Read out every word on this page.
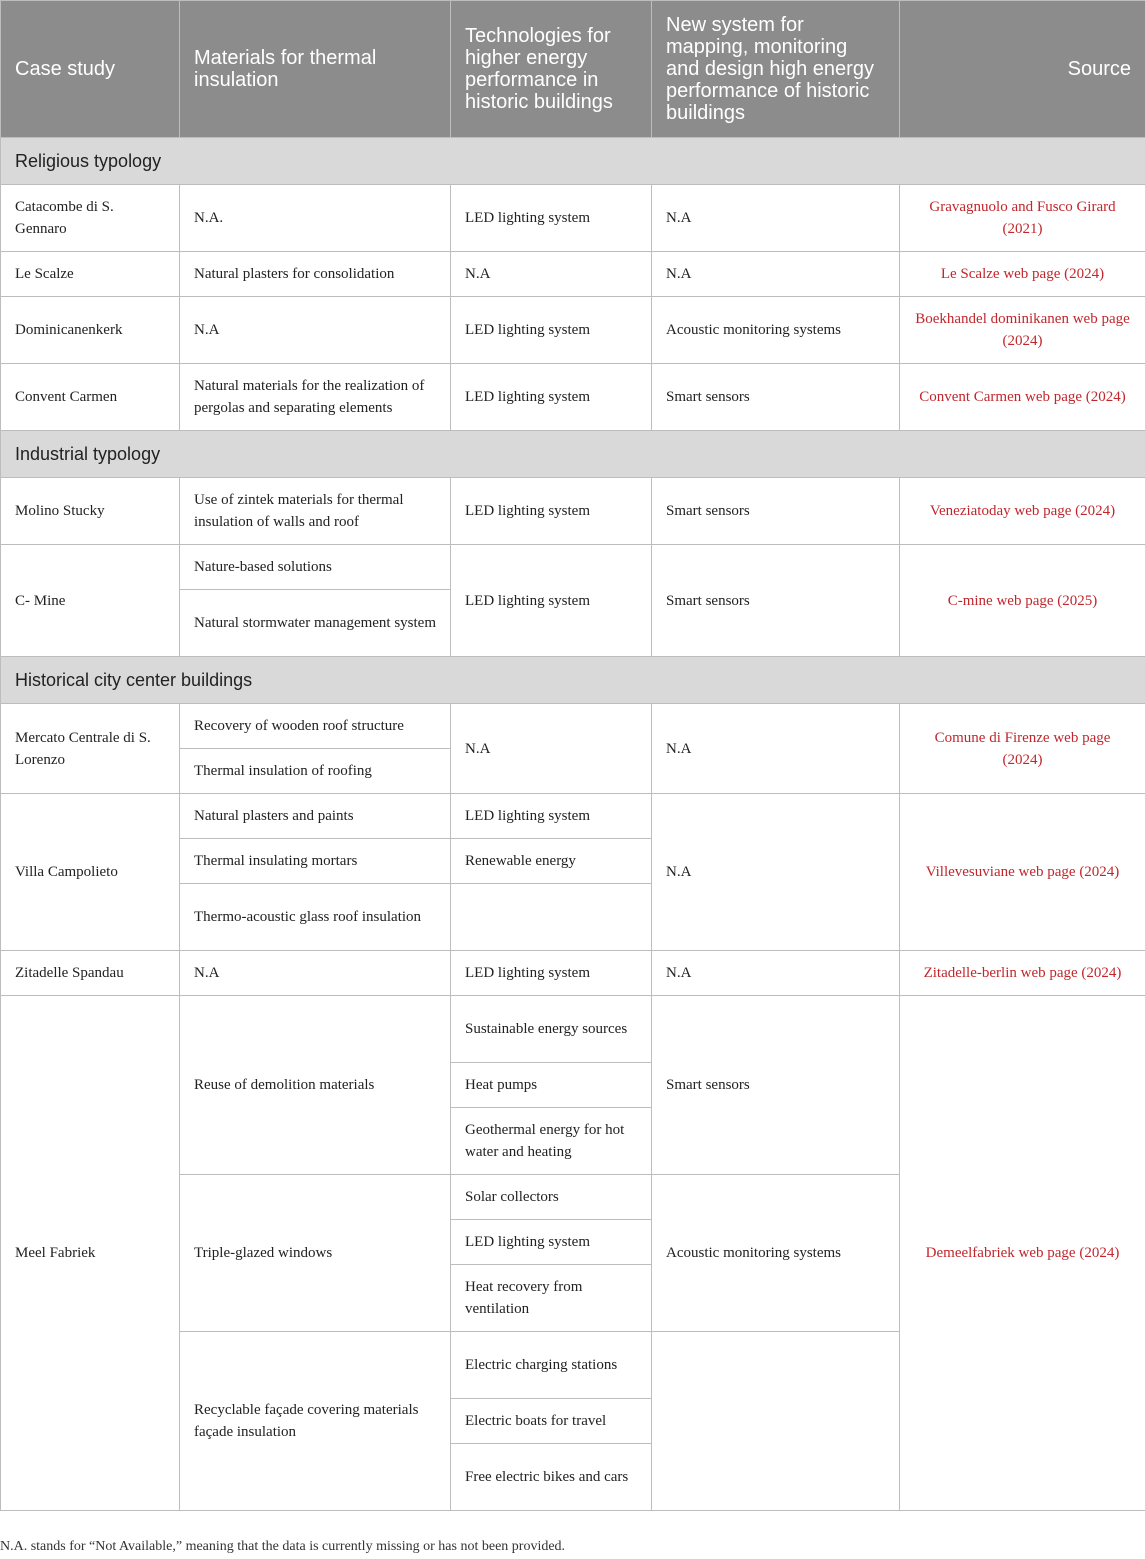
Case study	Materials for thermal insulation	Technologies for higher energy performance in historic buildings	New system for mapping, monitoring and design high energy performance of historic buildings	Source
Religious typology				
Catacombe di S. Gennaro	N.A.	LED lighting system	N.A	Gravagnuolo and Fusco Girard (2021)
Le Scalze	Natural plasters for consolidation	N.A	N.A	Le Scalze web page (2024)
Dominicanenkerk	N.A	LED lighting system	Acoustic monitoring systems	Boekhandel dominikanen web page (2024)
Convent Carmen	Natural materials for the realization of pergolas and separating elements	LED lighting system	Smart sensors	Convent Carmen web page (2024)
Industrial typology				
Molino Stucky	Use of zintek materials for thermal insulation of walls and roof	LED lighting system	Smart sensors	Veneziatoday web page (2024)
C- Mine	Nature-based solutions	LED lighting system	Smart sensors	C-mine web page (2025)
	Natural stormwater management system			
Historical city center buildings				
Mercato Centrale di S. Lorenzo	Recovery of wooden roof structure	N.A	N.A	Comune di Firenze web page (2024)
	Thermal insulation of roofing			
Villa Campolieto	Natural plasters and paints	LED lighting system	N.A	Villevesuviane web page (2024)
	Thermal insulating mortars	Renewable energy		
	Thermo-acoustic glass roof insulation			
Zitadelle Spandau	N.A	LED lighting system	N.A	Zitadelle-berlin web page (2024)
Meel Fabriek	Reuse of demolition materials	Sustainable energy sources	Smart sensors	Demeelfabriek web page (2024)
		Heat pumps		
		Geothermal energy for hot water and heating		
	Triple-glazed windows	Solar collectors	Acoustic monitoring systems	
		LED lighting system		
		Heat recovery from ventilation		
	Recyclable façade covering materials façade insulation	Electric charging stations		
		Electric boats for travel		
		Free electric bikes and cars		
N.A. stands for “Not Available,” meaning that the data is currently missing or has not been provided.
